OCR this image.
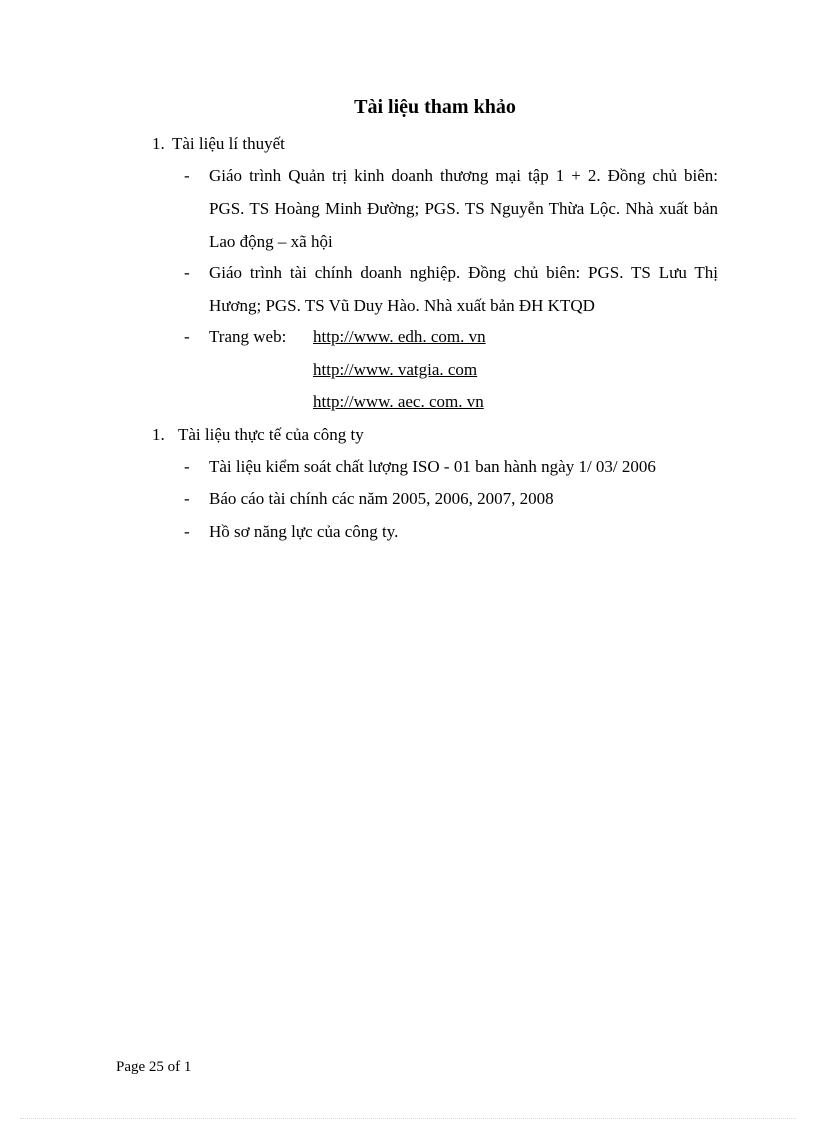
Tài liệu tham khảo
1. Tài liệu lí thuyết
- Giáo trình Quản trị kinh doanh thương mại tập 1 + 2. Đồng chủ biên: PGS. TS Hoàng Minh Đường; PGS. TS Nguyễn Thừa Lộc. Nhà xuất bản Lao động – xã hội
- Giáo trình tài chính doanh nghiệp. Đồng chủ biên: PGS. TS Lưu Thị Hương; PGS. TS Vũ Duy Hào. Nhà xuất bản ĐH KTQD
- Trang web: http://www. edh. com. vn
http://www. vatgia. com
http://www. aec. com. vn
1. Tài liệu thực tế của công ty
- Tài liệu kiểm soát chất lượng ISO - 01 ban hành ngày 1/ 03/ 2006
- Báo cáo tài chính các năm 2005, 2006, 2007, 2008
- Hồ sơ năng lực của công ty.
Page 25 of 1
